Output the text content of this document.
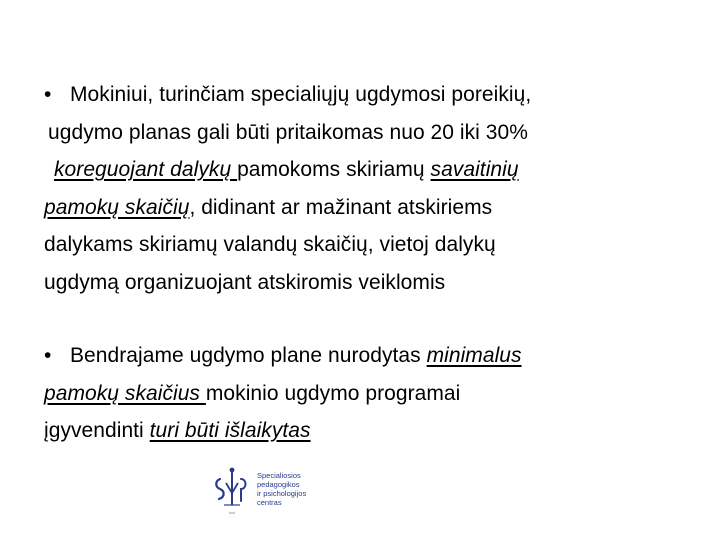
• Mokiniui, turinčiam specialiųjų ugdymosi poreikių,
ugdymo planas gali būti pritaikomas nuo 20 iki 30%
koreguojant dalykų pamokoms skiriamų savaitinių
pamokų skaičių, didinant ar mažinant atskiriems
dalykams skiriamų valandų skaičių, vietoj dalykų
ugdymą organizuojant atskiromis veiklomis
• Bendrajame ugdymo plane nurodytas minimalus
pamokų skaičius mokinio ugdymo programai
įgyvendinti turi būti išlaikytas
Specialiosios
pedagogikos
ir psichologijos
centras
